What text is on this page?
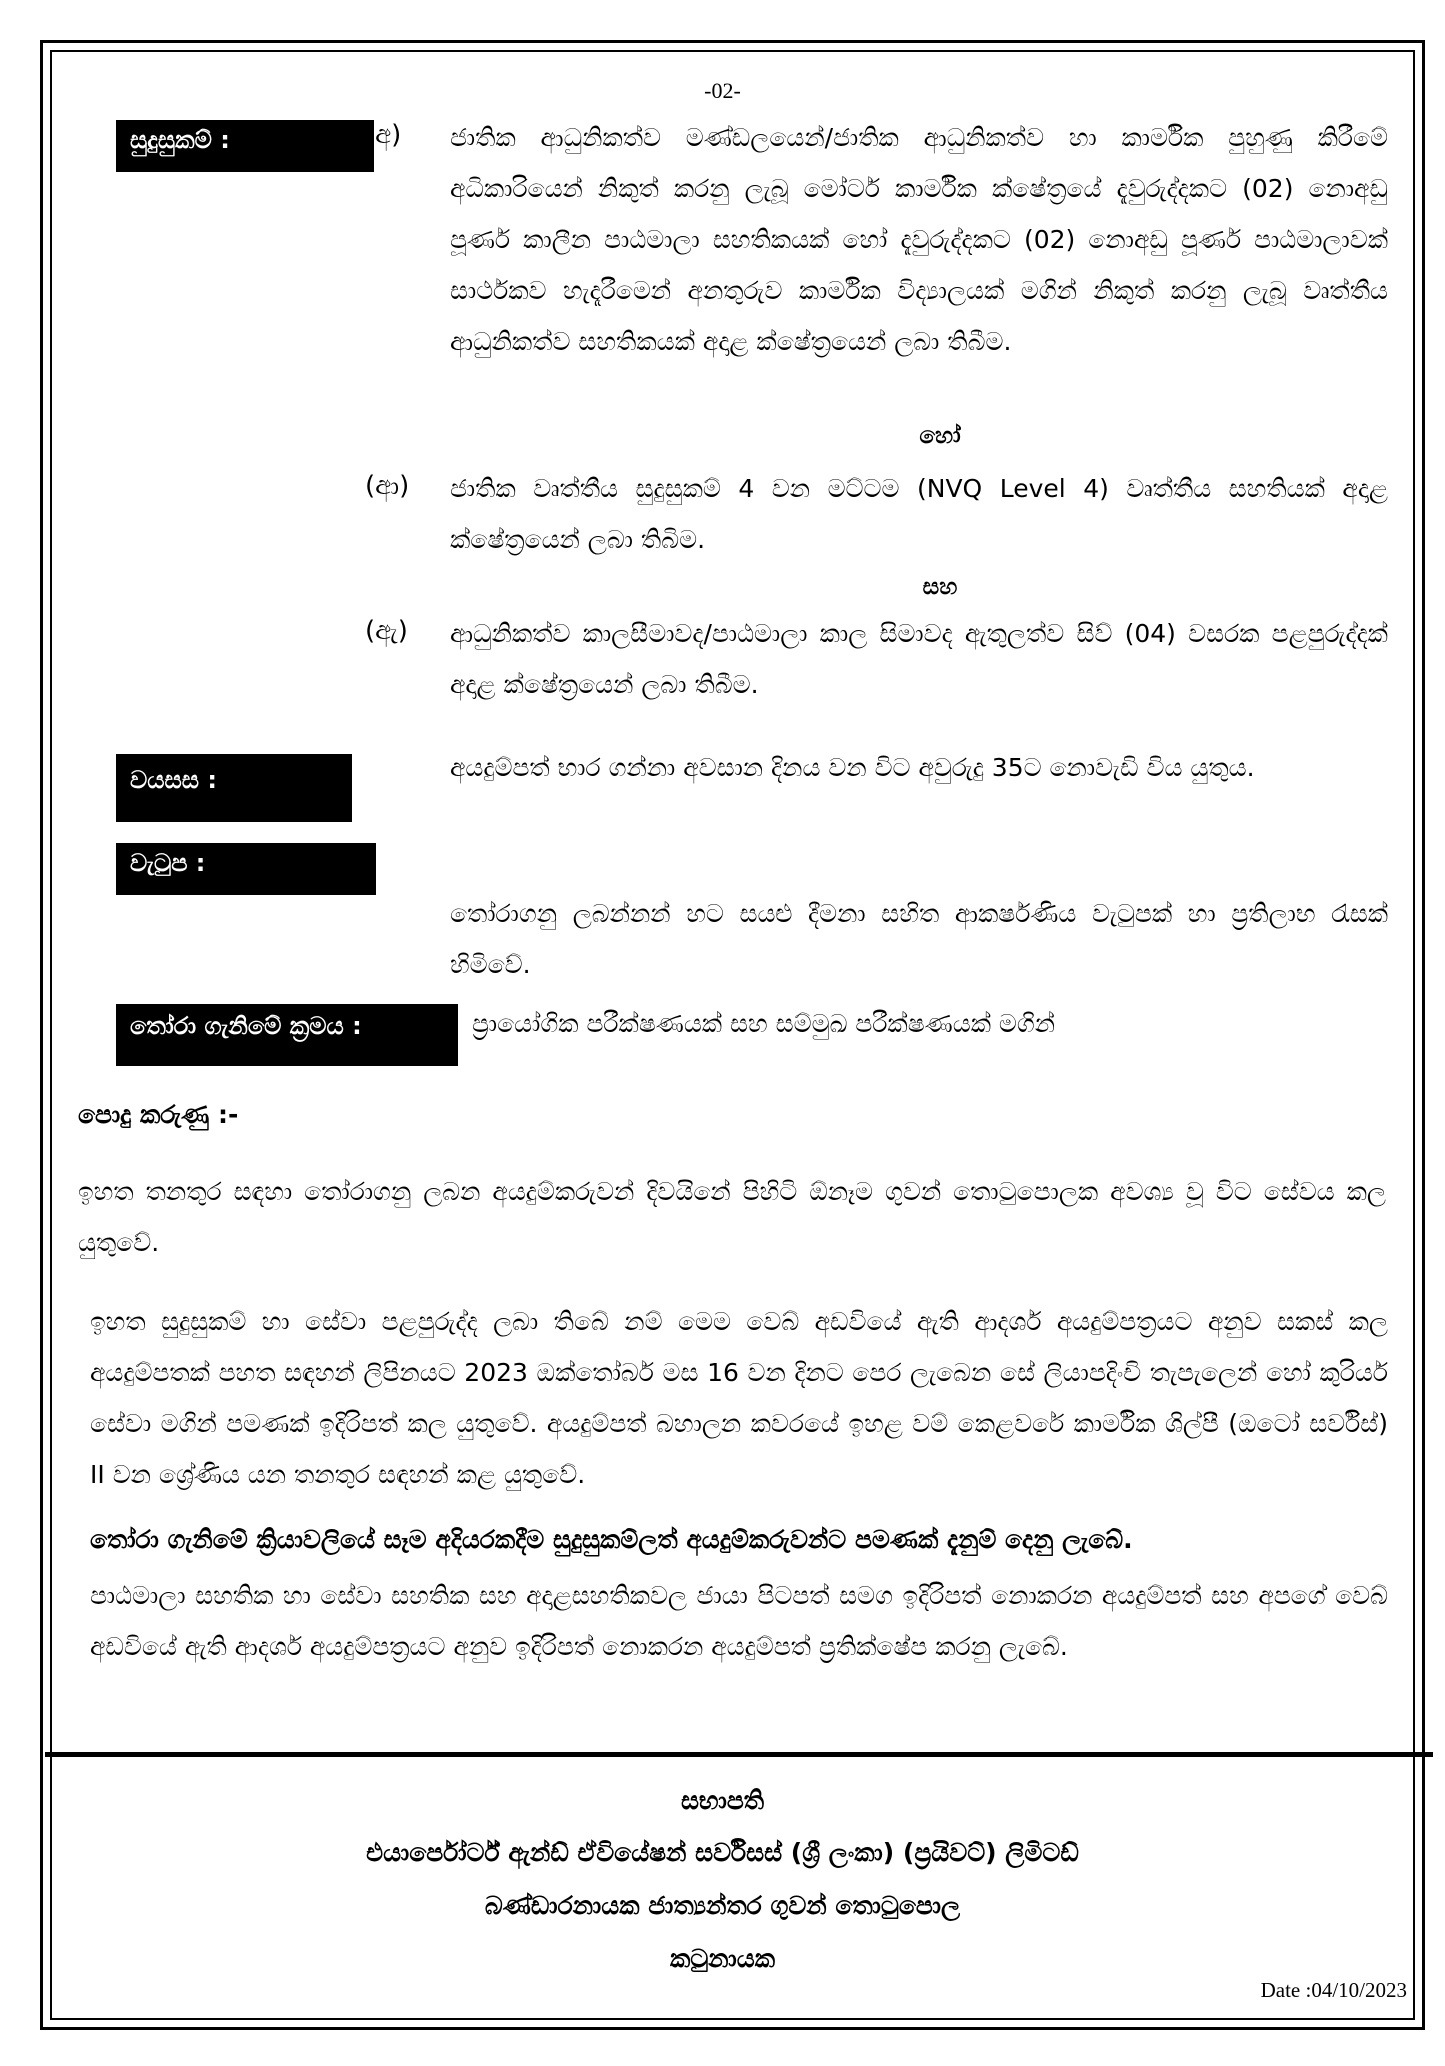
-02-
සුදුසුකම් :	(අ) ජාතික ආධුනිකත්ව මණ්ඩලයෙන්/ජාතික ආධුනිකත්ව හා කාර්මික පුහුණු කිරීමේ අධිකාරියෙන් නිකුත් කරනු ලැබූ මෝටර් කාර්මික ක්ෂේත්‍රයේ දැවුරුද්දකට (02) නොඅඩු පූර්ණ කාලීන පාඨමාලා සහතිකයක් හෝ දැවුරුද්දකට (02) නොඅඩු පූර්ණ පාඨමාලාවක් සාර්ථකව හැදෑරීමෙන් අනතුරුව කාර්මික විද්‍යාලයක් මගින් නිකුත් කරනු ලැබූ වෘත්තීය ආධුනිකත්ව සහතිකයක් අදාළ ක්ෂේත්‍රයෙන් ලබා තිබීම.
හෝ
(ආ) ජාතික වෘත්තීය සුදුසුකම් 4 වන මට්ටම (NVQ Level 4) වෘත්තීය සහතියක් අදාළ ක්ෂේත්‍රයෙන් ලබා තිබිම.
සහ
(ඇ) ආධුනිකත්ව කාලසීමාවද/පාඨමාලා කාල සිමාවද ඇතුලත්ව සිව් (04) වසරක පළපුරුද්දක් අදාළ ක්ෂේත්‍රයෙන් ලබා තිබීම.
වයසස :	අයදුම්පත් භාර ගන්නා අවසාන දිනය වන විට අවුරුදු 35ට නොවැඩි විය යුතුය.
වැටුප :
තෝරාගනු ලබන්නන් හට සයළු දීමනා සහිත ආකර්ෂණිය වැටුපක් හා ප්‍රතිලාභ රැසක් හිමිවේ.
තෝරා ගැනිමේ ක්‍රමය :	ප්‍රායෝගික පරීක්ෂණයක් සහ සම්මුඛ පරීක්ෂණයක් මගින්
පොදු කරුණු :-
ඉහත තනතුර සඳහා තෝරාගනු ලබන අයදුම්කරුවන් දිවයිනේ පිහිටි ඕනෑම ගුවන් තොටුපොලක අවශ්‍ය වූ විට සේවය කල යුතුවේ.
ඉහත සුදුසුකම් හා සේවා පළපුරුද්ද ලබා තිබේ නම් මෙම වෙබ් අඩවියේ ඇති ආදර්ශ අයදුම්පත්‍රයට අනුව සකස් කල අයදුම්පතක් පහත සඳහන් ලිපිනයට 2023 ඔක්තෝබර් මස 16 වන දිනට පෙර ලැබෙන සේ ලියාපදිංචි තැපැලෙන් හෝ කුරියර් සේවා මගින් පමණක් ඉදිරිපත් කල යුතුවේ. අයදුම්පත් බහාලන කවරයේ ඉහළ වම් කෙළවරේ කාර්මික ශිල්පී (ඔටෝ සර්විස්) II වන ශ්‍රේණිය යන තනතුර සඳහන් කළ යුතුවේ.
තෝරා ගැනිමේ ක්‍රියාවලියේ සෑම අදියරකදීම සුදුසුකම්ලත් අයදුම්කරුවන්ට පමණක් දැනුම් දෙනු ලැබේ.
පාඨමාලා සහතික හා සේවා සහතික සහ අදාළසහතිකවල ජායා පිටපත් සමග ඉදිරිපත් නොකරන අයදුම්පත් සහ අපගේ වෙබ් අඩවියේ ඇති ආදර්ශ අයදුම්පත්‍රයට අනුව ඉදිරිපත් නොකරන අයදුම්පත් ප්‍රතික්ෂේප කරනු ලැබේ.
සභාපති
එයාර්පෝර්ට් ඇන්ඩ් ඒවියේෂන් සර්විසස් (ශ්‍රී ලංකා) (ප්‍රයිවට්) ලිමිටඩ්
බණ්ඩාරනායක ජාත්‍යන්තර ගුවන් තොටුපොල
කටුනායක
Date :04/10/2023
